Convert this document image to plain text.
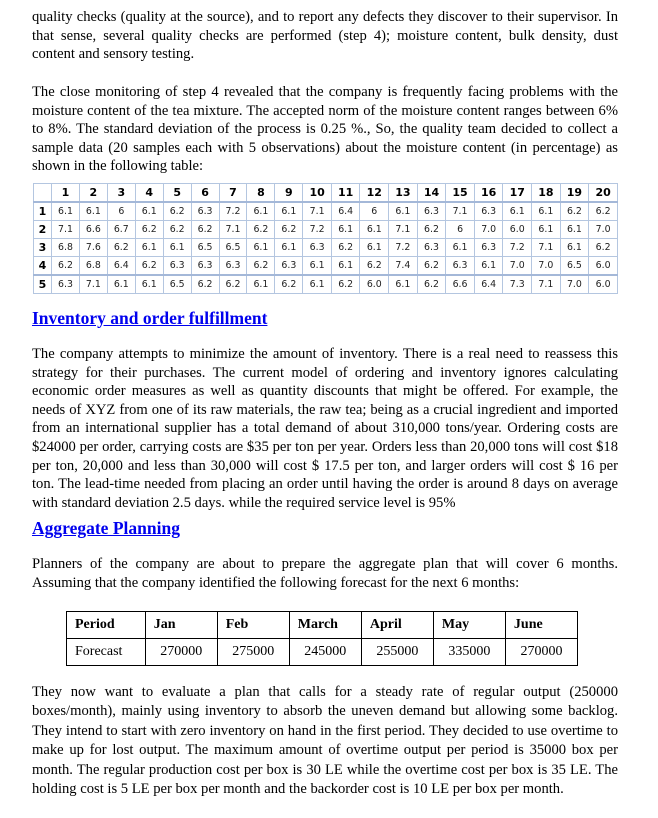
quality checks (quality at the source), and to report any defects they discover to their supervisor. In that sense, several quality checks are performed (step 4); moisture content, bulk density, dust content and sensory testing.

The close monitoring of step 4 revealed that the company is frequently facing problems with the moisture content of the tea mixture. The accepted norm of the moisture content ranges between 6% to 8%. The standard deviation of the process is 0.25 %., So, the quality team decided to collect a sample data (20 samples each with 5 observations) about the moisture content (in percentage) as shown in the following table:

	1	2	3	4	5	6	7	8	9	10	11	12	13	14	15	16	17	18	19	20
1	6.1	6.1	6	6.1	6.2	6.3	7.2	6.1	6.1	7.1	6.4	6	6.1	6.3	7.1	6.3	6.1	6.1	6.2	6.2
2	7.1	6.6	6.7	6.2	6.2	6.2	7.1	6.2	6.2	7.2	6.1	6.1	7.1	6.2	6	7.0	6.0	6.1	6.1	7.0
3	6.8	7.6	6.2	6.1	6.1	6.5	6.5	6.1	6.1	6.3	6.2	6.1	7.2	6.3	6.1	6.3	7.2	7.1	6.1	6.2
4	6.2	6.8	6.4	6.2	6.3	6.3	6.3	6.2	6.3	6.1	6.1	6.2	7.4	6.2	6.3	6.1	7.0	7.0	6.5	6.0
5	6.3	7.1	6.1	6.1	6.5	6.2	6.2	6.1	6.2	6.1	6.2	6.0	6.1	6.2	6.6	6.4	7.3	7.1	7.0	6.0

Inventory and order fulfillment

The company attempts to minimize the amount of inventory. There is a real need to reassess this strategy for their purchases. The current model of ordering and inventory ignores calculating economic order measures as well as quantity discounts that might be offered. For example, the needs of XYZ from one of its raw materials, the raw tea; being as a crucial ingredient and imported from an international supplier has a total demand of about 310,000 tons/year. Ordering costs are $24000 per order, carrying costs are $35 per ton per year. Orders less than 20,000 tons will cost $18 per ton, 20,000 and less than 30,000 will cost $ 17.5 per ton, and larger orders will cost $ 16 per ton. The lead-time needed from placing an order until having the order is around 8 days on average with standard deviation 2.5 days. while the required service level is 95%

Aggregate Planning

Planners of the company are about to prepare the aggregate plan that will cover 6 months. Assuming that the company identified the following forecast for the next 6 months:

Period	Jan	Feb	March	April	May	June
Forecast	270000	275000	245000	255000	335000	270000

They now want to evaluate a plan that calls for a steady rate of regular output (250000 boxes/month), mainly using inventory to absorb the uneven demand but allowing some backlog. They intend to start with zero inventory on hand in the first period. They decided to use overtime to make up for lost output. The maximum amount of overtime output per period is 35000 box per month. The regular production cost per box is 30 LE while the overtime cost per box is 35 LE. The holding cost is 5 LE per box per month and the backorder cost is 10 LE per box per month.
